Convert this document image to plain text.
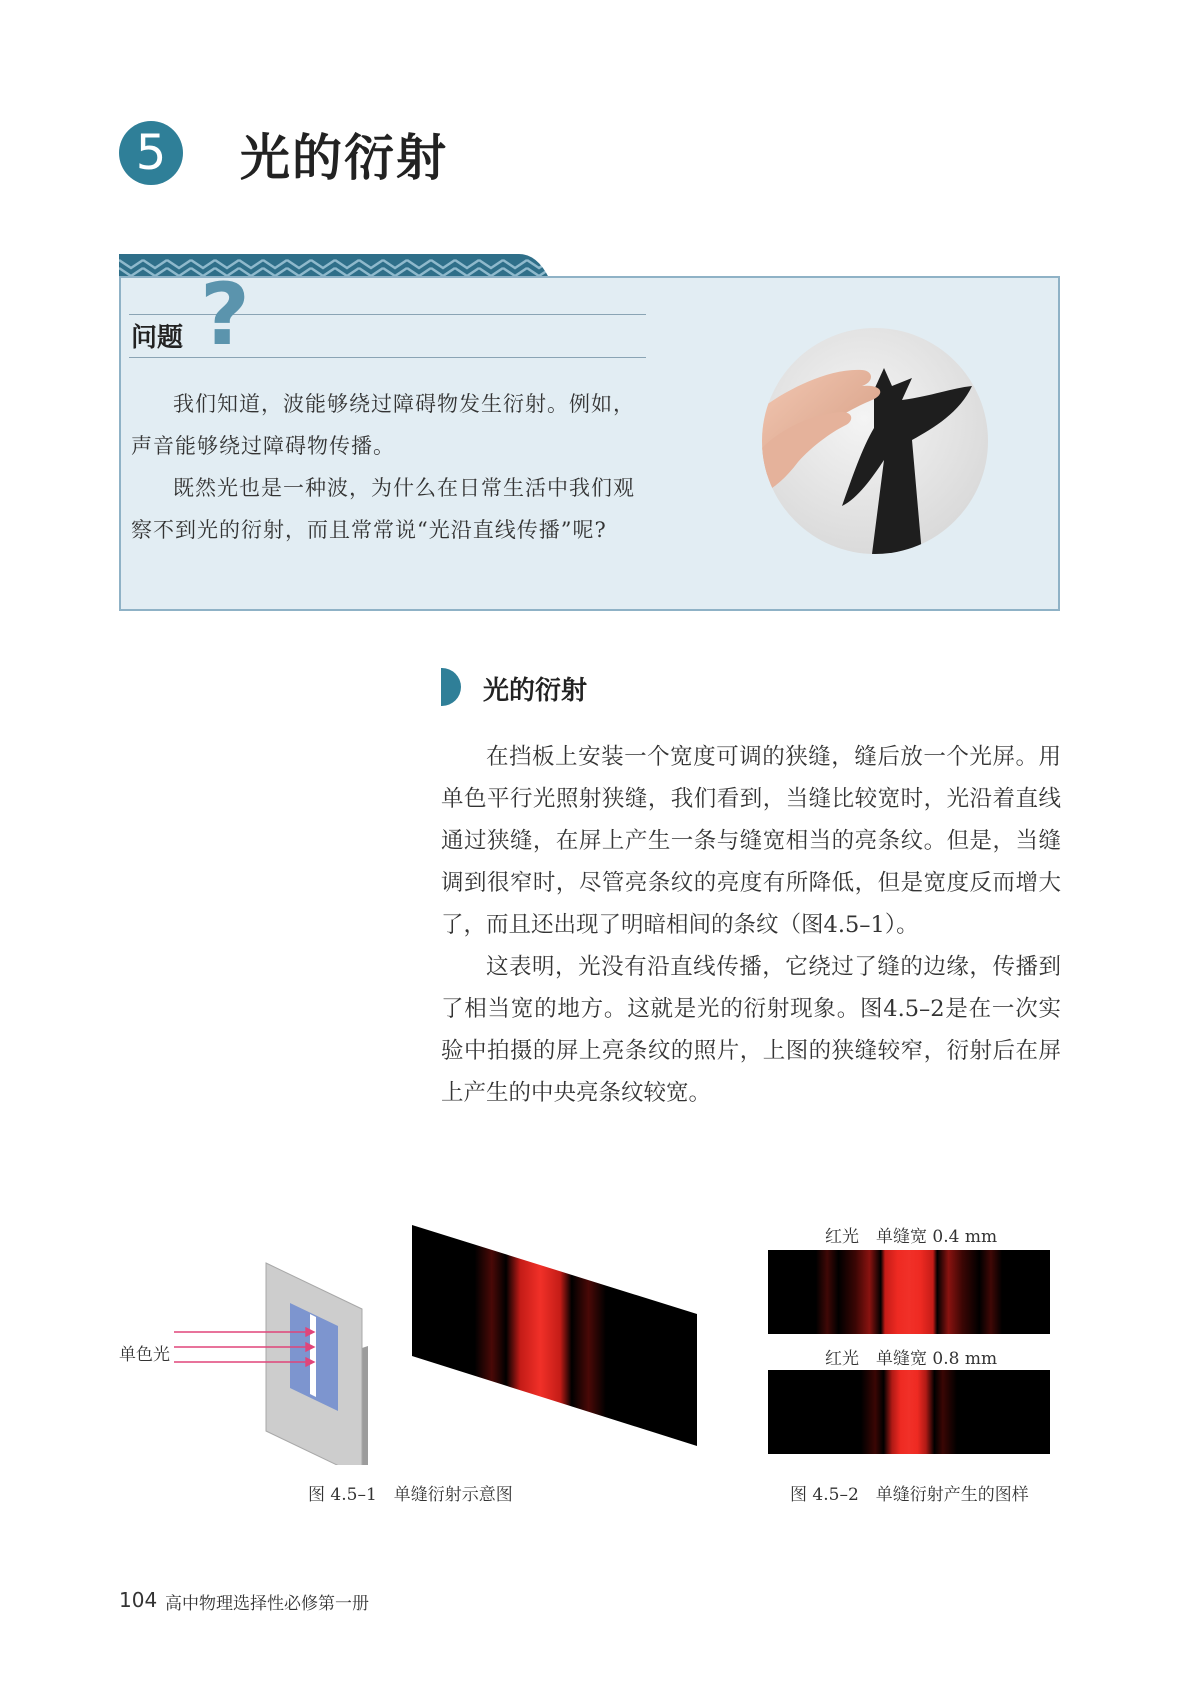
5	光的衍射
问题 ?

我们知道，波能够绕过障碍物发生衍射。例如，声音能够绕过障碍物传播。

既然光也是一种波，为什么在日常生活中我们观察不到光的衍射，而且常常说“光沿直线传播”呢?

光的衍射

在挡板上安装一个宽度可调的狭缝，缝后放一个光屏。用单色平行光照射狭缝，我们看到，当缝比较宽时，光沿着直线通过狭缝，在屏上产生一条与缝宽相当的亮条纹。但是，当缝调到很窄时，尽管亮条纹的亮度有所降低，但是宽度反而增大了，而且还出现了明暗相间的条纹（图4.5–1）。

这表明，光没有沿直线传播，它绕过了缝的边缘，传播到了相当宽的地方。这就是光的衍射现象。图4.5–2是在一次实验中拍摄的屏上亮条纹的照片，上图的狭缝较窄，衍射后在屏上产生的中央亮条纹较宽。

单色光
图 4.5–1　单缝衍射示意图
红光　单缝宽 0.4 mm
红光　单缝宽 0.8 mm
图 4.5–2　单缝衍射产生的图样
104 高中物理选择性必修第一册
